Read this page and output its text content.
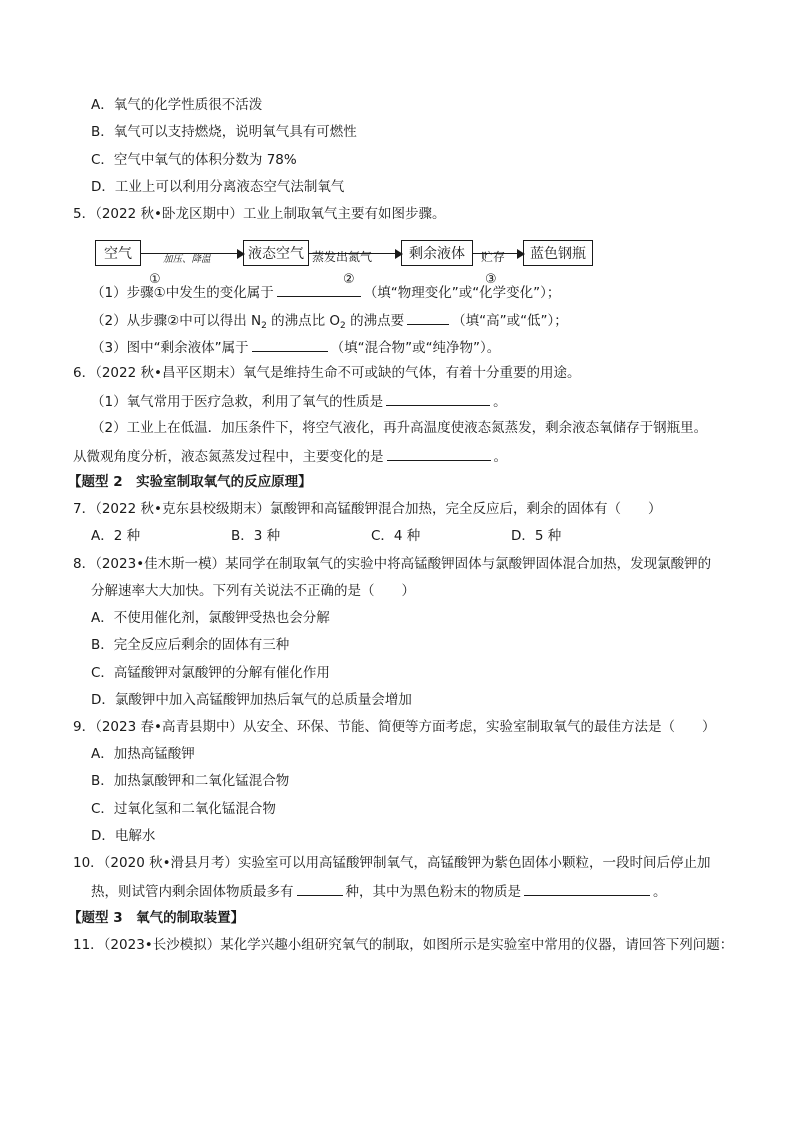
A．氧气的化学性质很不活泼
B．氧气可以支持燃烧，说明氧气具有可燃性
C．空气中氧气的体积分数为 78%
D．工业上可以利用分离液态空气法制氧气
5．（2022 秋•卧龙区期中）工业上制取氧气主要有如图步骤。
空气	加压、降温
①
液态空气 蒸发出氮气
②
剩余液体	贮存
③
蓝色钢瓶
（1）步骤①中发生的变化属于	（填“物理变化”或“化学变化”）；
（2）从步骤②中可以得出 $N_2$ 的沸点比 $O_2$ 的沸点要	（填“高”或“低”）；
（3）图中“剩余液体”属于	（填“混合物”或“纯净物”）。
6．（2022 秋•昌平区期末）氧气是维持生命不可或缺的气体，有着十分重要的用途。
（1）氧气常用于医疗急救，利用了氧气的性质是	。
（2）工业上在低温．加压条件下，将空气液化，再升高温度使液态氮蒸发，剩余液态氧储存于钢瓶里。
从微观角度分析，液态氮蒸发过程中，主要变化的是	。
【题型 2　实验室制取氧气的反应原理】
7．（2022 秋•克东县校级期末）氯酸钾和高锰酸钾混合加热，完全反应后，剩余的固体有（　　）
A．2 种	B．3 种	C．4 种	D．5 种
8．（2023•佳木斯一模）某同学在制取氧气的实验中将高锰酸钾固体与氯酸钾固体混合加热，发现氯酸钾的
分解速率大大加快。下列有关说法不正确的是（　　）
A．不使用催化剂，氯酸钾受热也会分解
B．完全反应后剩余的固体有三种
C．高锰酸钾对氯酸钾的分解有催化作用
D．氯酸钾中加入高锰酸钾加热后氧气的总质量会增加
9．（2023 春•高青县期中）从安全、环保、节能、简便等方面考虑，实验室制取氧气的最佳方法是（　　）
A．加热高锰酸钾
B．加热氯酸钾和二氧化锰混合物
C．过氧化氢和二氧化锰混合物
D．电解水
10．（2020 秋•滑县月考）实验室可以用高锰酸钾制氧气，高锰酸钾为紫色固体小颗粒，一段时间后停止加
热，则试管内剩余固体物质最多有	种，其中为黑色粉末的物质是	。
【题型 3　氧气的制取装置】
11．（2023•长沙模拟）某化学兴趣小组研究氧气的制取，如图所示是实验室中常用的仪器，请回答下列问题：
